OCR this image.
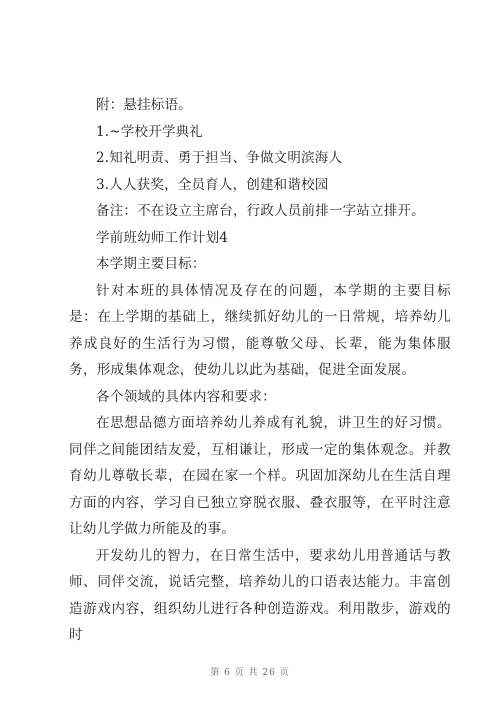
附：悬挂标语。
1.~学校开学典礼
2.知礼明责、勇于担当、争做文明滨海人
3.人人获奖，全员育人，创建和谐校园
备注：不在设立主席台，行政人员前排一字站立排开。
学前班幼师工作计划4
本学期主要目标：
针对本班的具体情况及存在的问题，本学期的主要目标是：在上学期的基础上，继续抓好幼儿的一日常规，培养幼儿养成良好的生活行为习惯，能尊敬父母、长辈，能为集体服务，形成集体观念，使幼儿以此为基础，促进全面发展。
各个领域的具体内容和要求：
在思想品德方面培养幼儿养成有礼貌，讲卫生的好习惯。同伴之间能团结友爱，互相谦让，形成一定的集体观念。并教育幼儿尊敬长辈，在园在家一个样。巩固加深幼儿在生活自理方面的内容，学习自已独立穿脱衣服、叠衣服等，在平时注意让幼儿学做力所能及的事。
开发幼儿的智力，在日常生活中，要求幼儿用普通话与教师、同伴交流，说话完整，培养幼儿的口语表达能力。丰富创造游戏内容，组织幼儿进行各种创造游戏。利用散步，游戏的时
第 6 页 共 26 页
